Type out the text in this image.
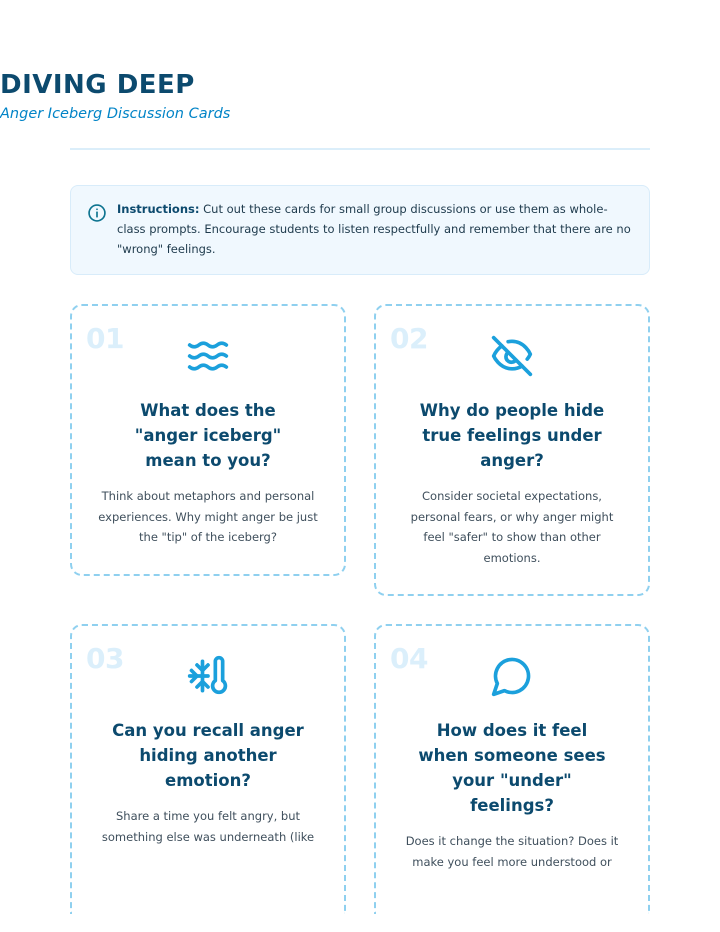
DIVING DEEP
Anger Iceberg Discussion Cards
Instructions: Cut out these cards for small group discussions or use them as whole-class prompts. Encourage students to listen respectfully and remember that there are no "wrong" feelings.
01
What does the "anger iceberg" mean to you?
Think about metaphors and personal experiences. Why might anger be just the "tip" of the iceberg?
02
Why do people hide true feelings under anger?
Consider societal expectations, personal fears, or why anger might feel "safer" to show than other emotions.
03
Can you recall anger hiding another emotion?
Share a time you felt angry, but something else was underneath (like
04
How does it feel when someone sees your "under" feelings?
Does it change the situation? Does it make you feel more understood or
